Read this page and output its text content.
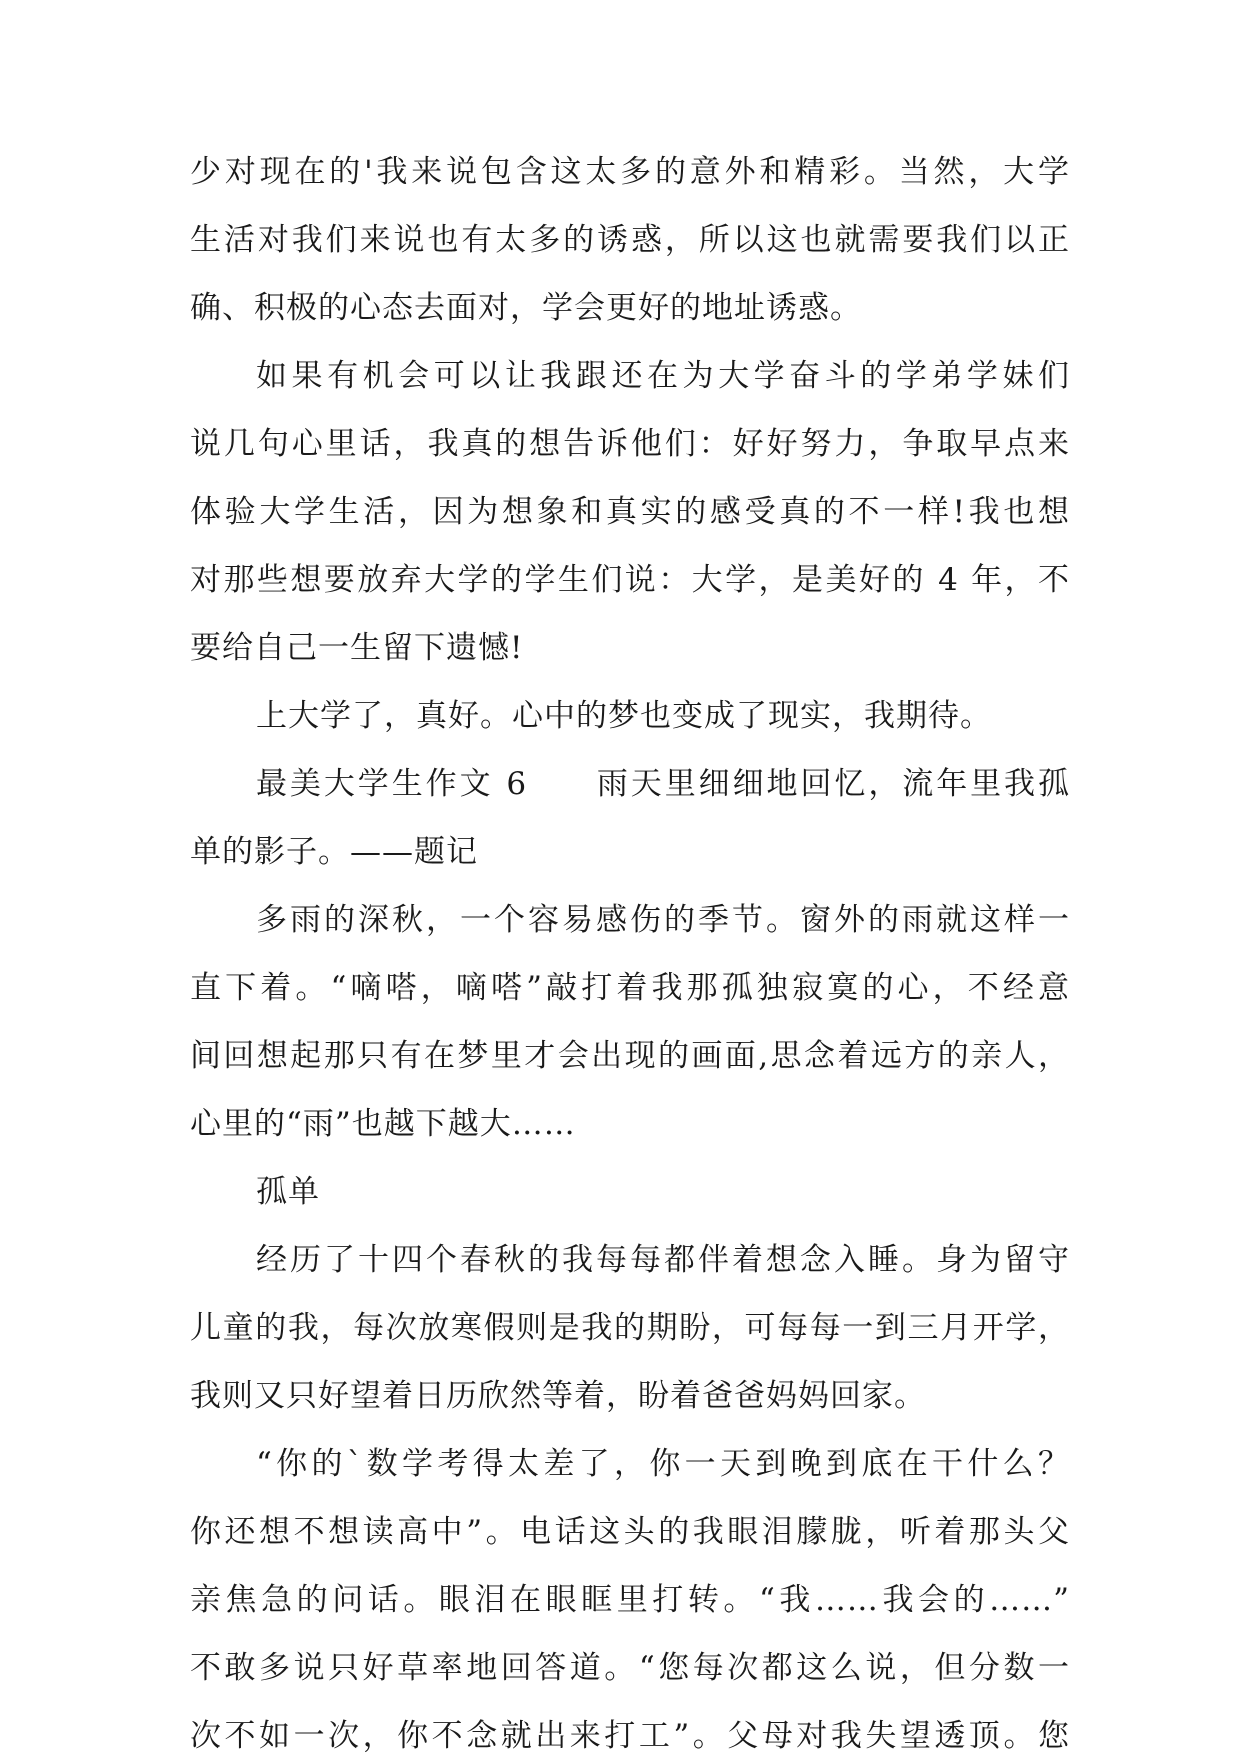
少对现在的'我来说包含这太多的意外和精彩。当然，大学
生活对我们来说也有太多的诱惑，所以这也就需要我们以正
确、积极的心态去面对，学会更好的地址诱惑。
如果有机会可以让我跟还在为大学奋斗的学弟学妹们
说几句心里话，我真的想告诉他们：好好努力，争取早点来
体验大学生活，因为想象和真实的感受真的不一样!我也想
对那些想要放弃大学的学生们说：大学，是美好的 4 年，不
要给自己一生留下遗憾!
上大学了，真好。心中的梦也变成了现实，我期待。
最美大学生作文 6　　雨天里细细地回忆，流年里我孤
单的影子。——题记
多雨的深秋，一个容易感伤的季节。窗外的雨就这样一
直下着。“嘀嗒，嘀嗒”敲打着我那孤独寂寞的心，不经意
间回想起那只有在梦里才会出现的画面,思念着远方的亲人，
心里的“雨”也越下越大……
孤单
经历了十四个春秋的我每每都伴着想念入睡。身为留守
儿童的我，每次放寒假则是我的期盼，可每每一到三月开学，
我则又只好望着日历欣然等着，盼着爸爸妈妈回家。
“你的`数学考得太差了，你一天到晚到底在干什么？
你还想不想读高中”。电话这头的我眼泪朦胧，听着那头父
亲焦急的问话。眼泪在眼眶里打转。“我……我会的……”
不敢多说只好草率地回答道。“您每次都这么说，但分数一
次不如一次，你不念就出来打工”。父母对我失望透顶。您
